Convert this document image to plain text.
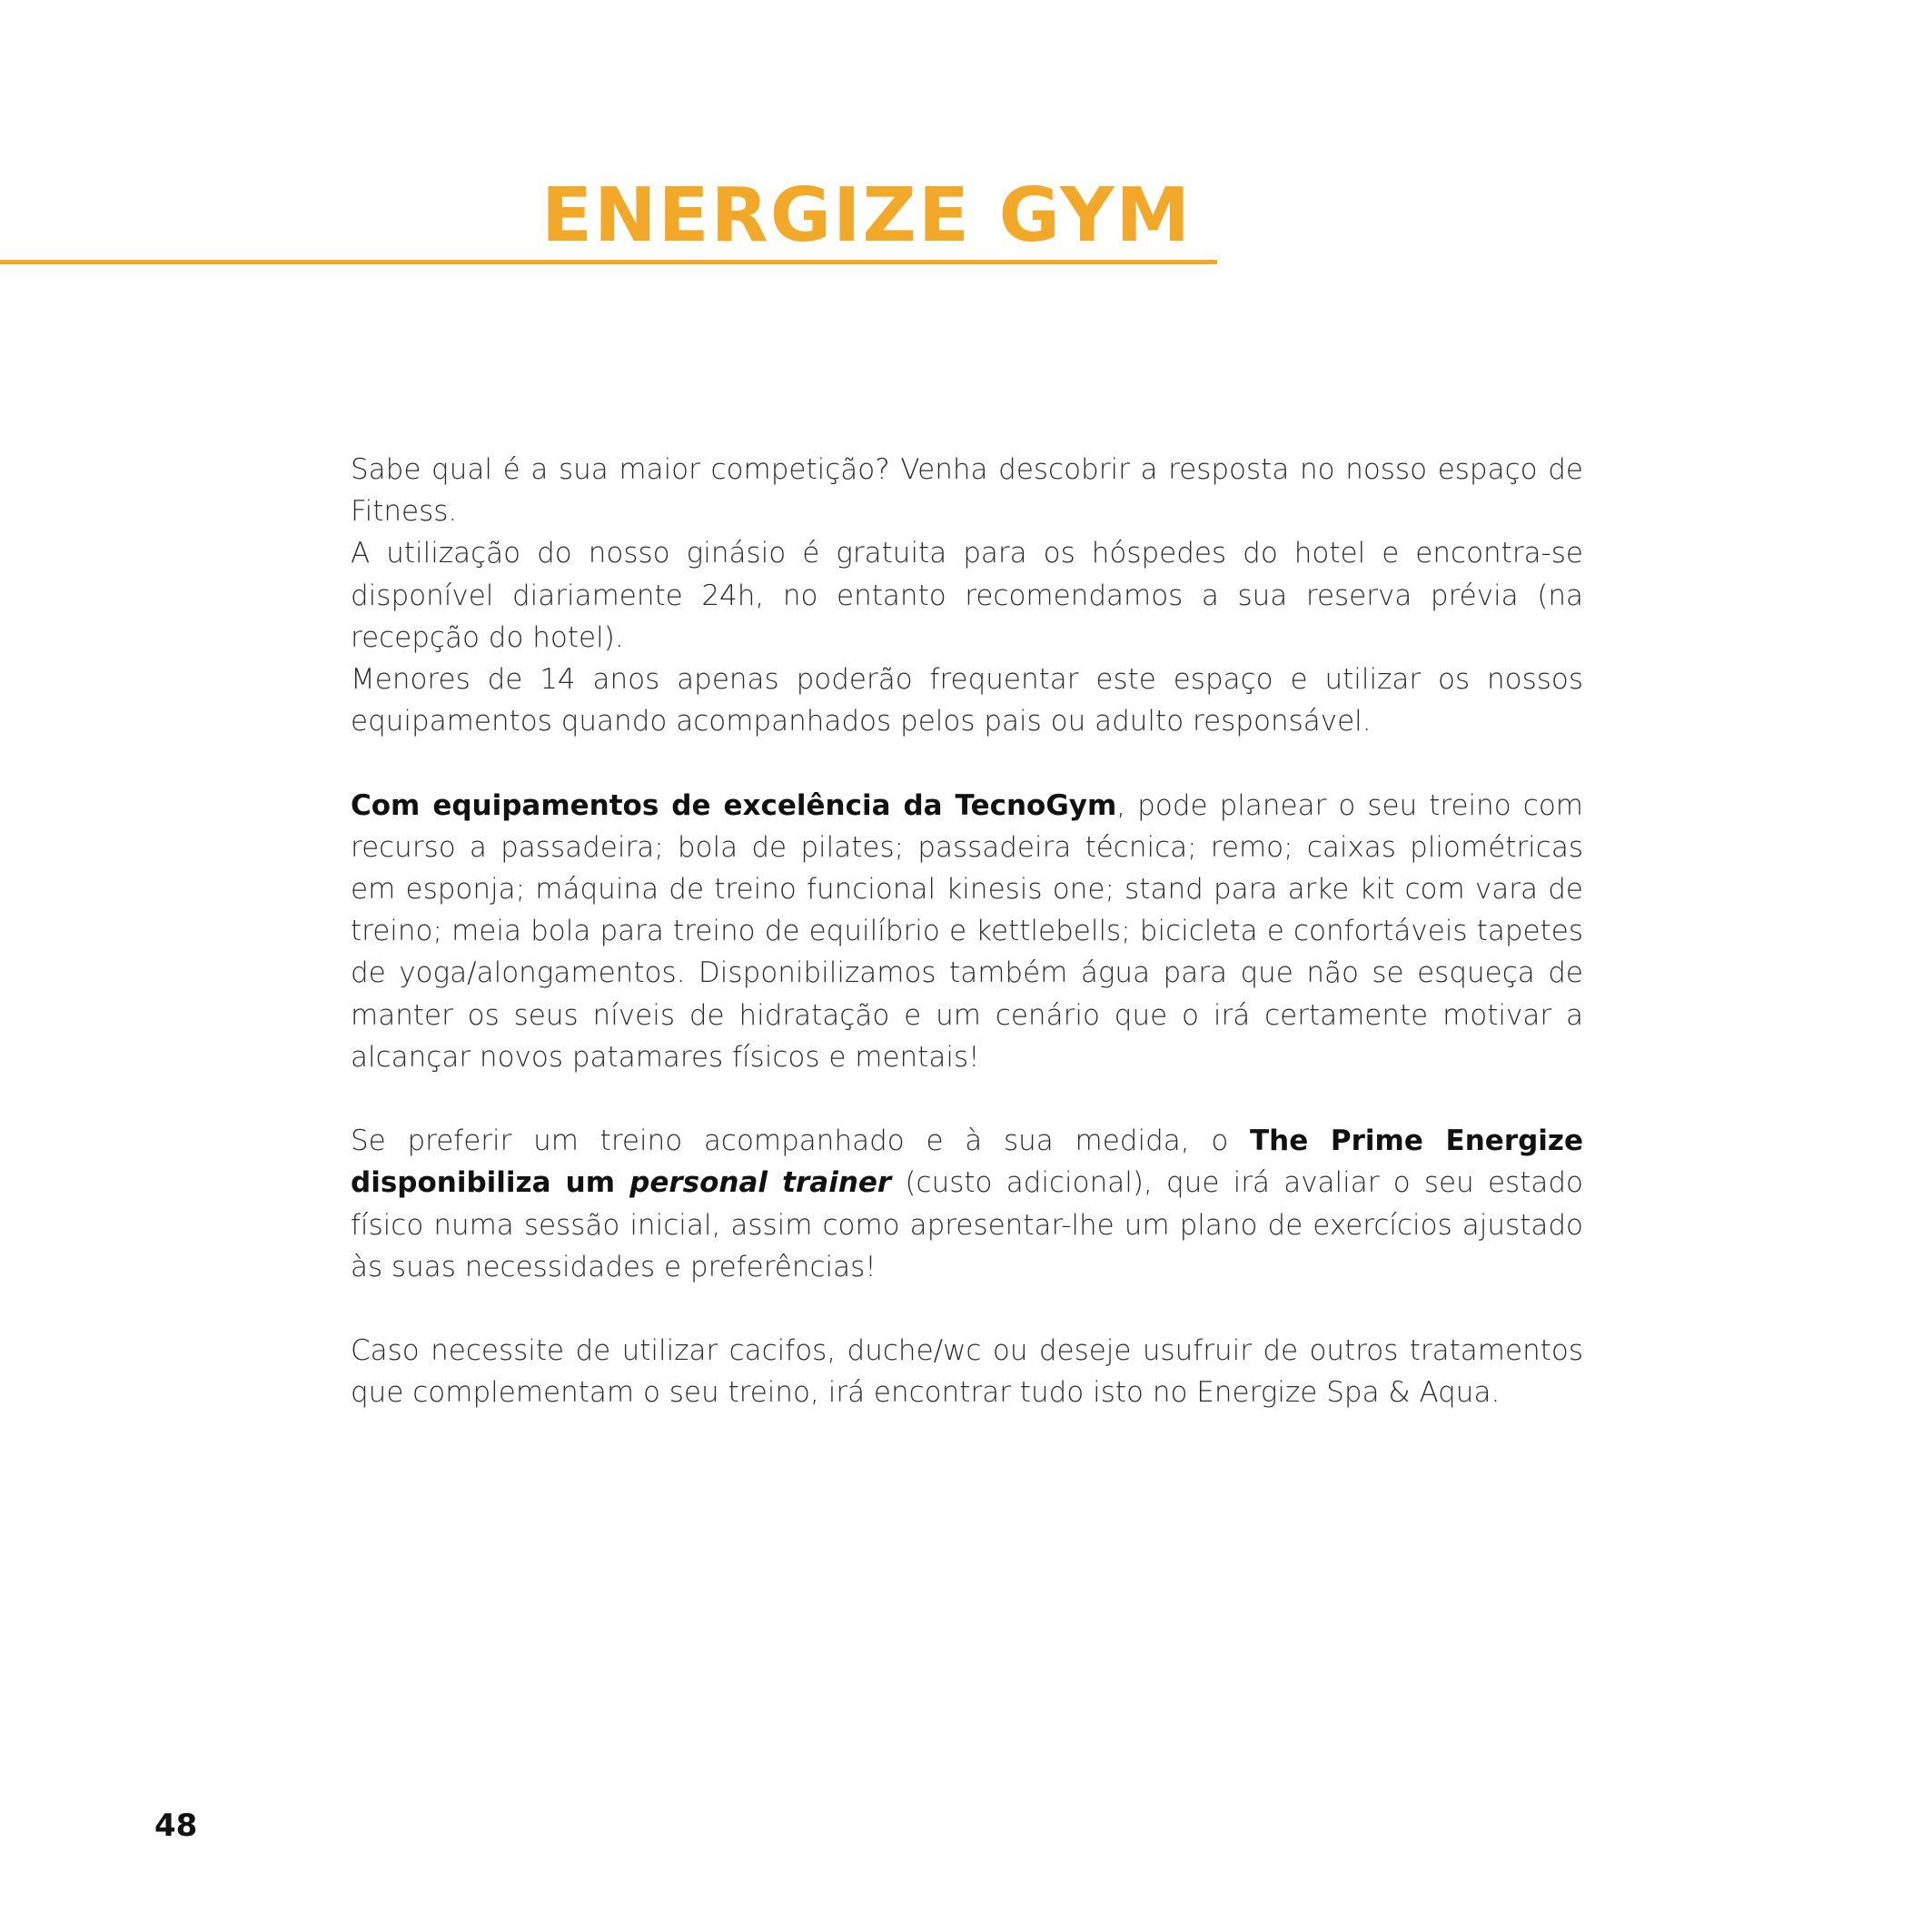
ENERGIZE GYM

Sabe qual é a sua maior competição? Venha descobrir a resposta no nosso espaço de Fitness.

A utilização do nosso ginásio é gratuita para os hóspedes do hotel e encontra-se disponível diariamente 24h, no entanto recomendamos a sua reserva prévia (na recepção do hotel).

Menores de 14 anos apenas poderão frequentar este espaço e utilizar os nossos equipamentos quando acompanhados pelos pais ou adulto responsável.

Com equipamentos de excelência da TecnoGym, pode planear o seu treino com recurso a passadeira; bola de pilates; passadeira técnica; remo; caixas pliométricas em esponja; máquina de treino funcional kinesis one; stand para arke kit com vara de treino; meia bola para treino de equilíbrio e kettlebells; bicicleta e confortáveis tapetes de yoga/alongamentos. Disponibilizamos também água para que não se esqueça de manter os seus níveis de hidratação e um cenário que o irá certamente motivar a alcançar novos patamares físicos e mentais!

Se preferir um treino acompanhado e à sua medida, o The Prime Energize disponibiliza um personal trainer (custo adicional), que irá avaliar o seu estado físico numa sessão inicial, assim como apresentar-lhe um plano de exercícios ajustado às suas necessidades e preferências!

Caso necessite de utilizar cacifos, duche/wc ou deseje usufruir de outros tratamentos que complementam o seu treino, irá encontrar tudo isto no Energize Spa & Aqua.

48
